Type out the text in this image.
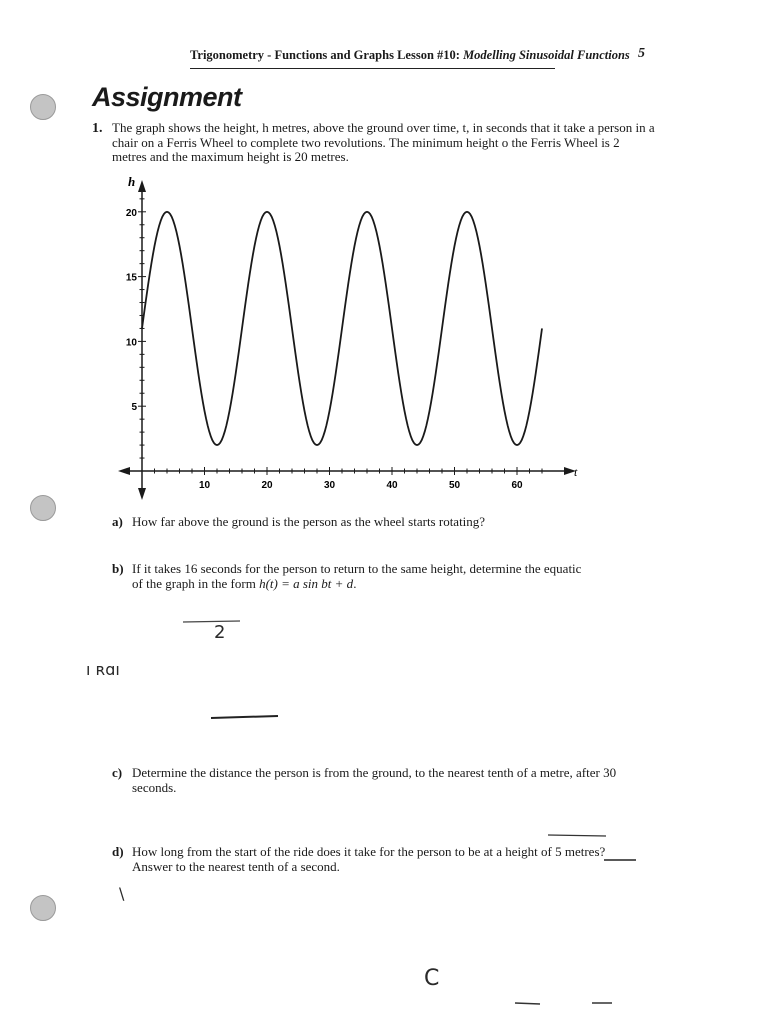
Trigonometry - Functions and Graphs Lesson #10: Modelling Sinusoidal Functions 5
Assignment
1. The graph shows the height, h metres, above the ground over time, t, in seconds that it take a person in a chair on a Ferris Wheel to complete two revolutions. The minimum height o the Ferris Wheel is 2 metres and the maximum height is 20 metres.
h
t
10	20	30	40	50	60
5
10
15
20
a) How far above the ground is the person as the wheel starts rotating?
b) If it takes 16 seconds for the person to return to the same height, determine the equatic
of the graph in the form h(t) = a sin bt + d.
c) Determine the distance the person is from the ground, to the nearest tenth of a metre, after 30 seconds.
d) How long from the start of the ride does it take for the person to be at a height of 5 metres? Answer to the nearest tenth of a second.
2
ı ʀɑı
\
C
